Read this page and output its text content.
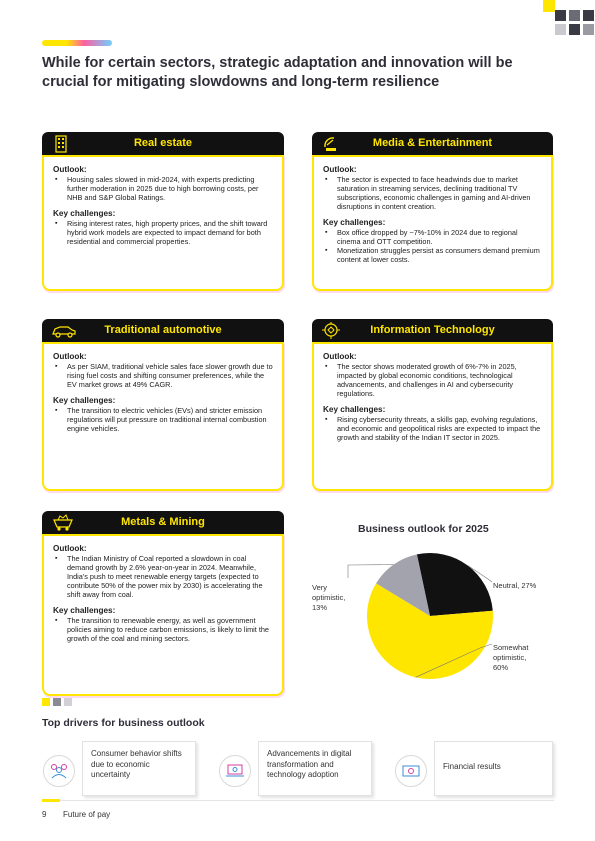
While for certain sectors, strategic adaptation and innovation will be crucial for mitigating slowdowns and long-term resilience
Real estate
Outlook:
▪ Housing sales slowed in mid-2024, with experts predicting further moderation in 2025 due to high borrowing costs, per NHB and S&P Global Ratings.
Key challenges:
▪ Rising interest rates, high property prices, and the shift toward hybrid work models are expected to impact demand for both residential and commercial properties.
Media & Entertainment
Outlook:
▪ The sector is expected to face headwinds due to market saturation in streaming services, declining traditional TV subscriptions, economic challenges in gaming and AI-driven disruptions in content creation.
Key challenges:
▪ Box office dropped by ~7%-10% in 2024 due to regional cinema and OTT competition.
▪ Monetization struggles persist as consumers demand premium content at lower costs.
Traditional automotive
Outlook:
▪ As per SIAM, traditional vehicle sales face slower growth due to rising fuel costs and shifting consumer preferences, while the EV market grows at 49% CAGR.
Key challenges:
▪ The transition to electric vehicles (EVs) and stricter emission regulations will put pressure on traditional internal combustion engine vehicles.
Information Technology
Outlook:
▪ The sector shows moderated growth of 6%-7% in 2025, impacted by global economic conditions, technological advancements, and challenges in AI and cybersecurity regulations.
Key challenges:
▪ Rising cybersecurity threats, a skills gap, evolving regulations, and economic and geopolitical risks are expected to impact the growth and stability of the Indian IT sector in 2025.
Metals & Mining
Outlook:
▪ The Indian Ministry of Coal reported a slowdown in coal demand growth by 2.6% year-on-year in 2024. Meanwhile, India's push to meet renewable energy targets (expected to contribute 50% of the power mix by 2030) is accelerating the shift away from coal.
Key challenges:
▪ The transition to renewable energy, as well as government policies aiming to reduce carbon emissions, is likely to limit the growth of the coal and mining sectors.
Business outlook for 2025
Very optimistic, 13%
Neutral, 27%
Somewhat optimistic, 60%
Top drivers for business outlook
Consumer behavior shifts due to economic uncertainty
Advancements in digital transformation and technology adoption
Financial results
9 Future of pay
